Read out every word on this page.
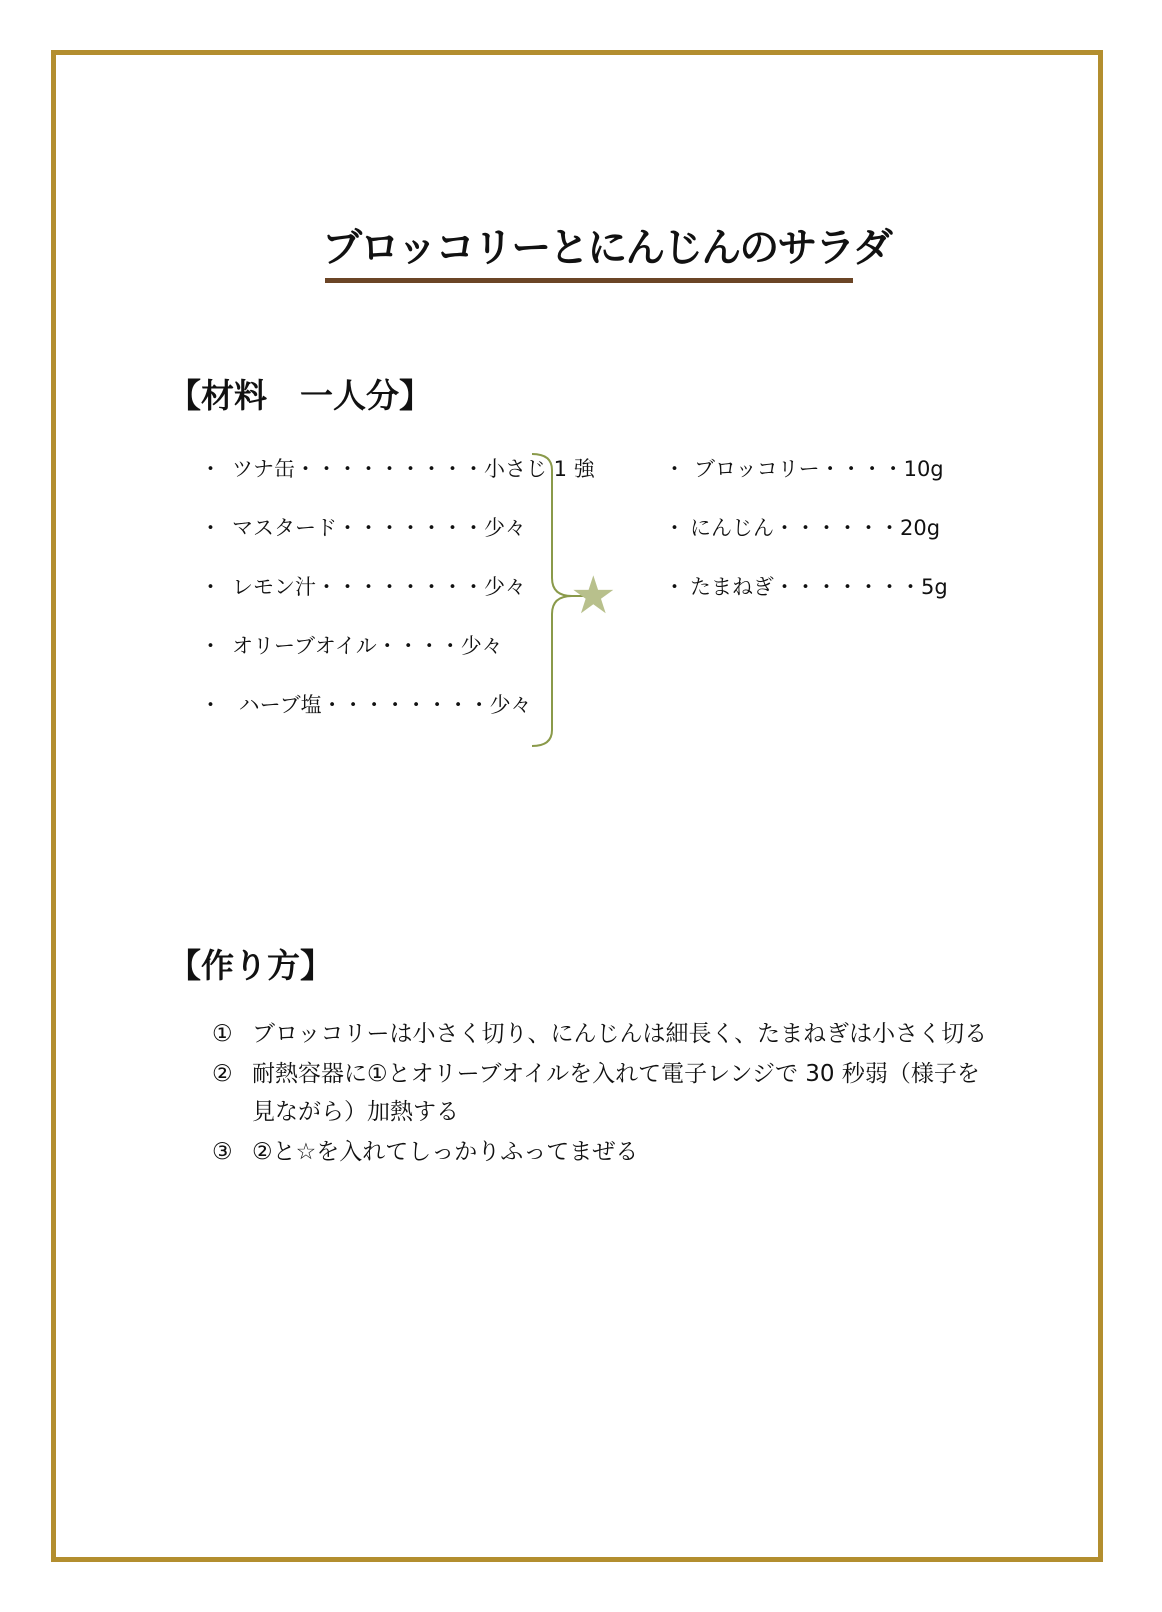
ブロッコリーとにんじんのサラダ
【材料　一人分】
・ ツナ缶・・・・・・・・・小さじ 1 強
・ マスタード・・・・・・・少々
・ レモン汁・・・・・・・・少々
・ オリーブオイル・・・・少々
・ ハーブ塩・・・・・・・・少々
★
・ ブロッコリー・・・・10g
・ にんじん・・・・・・20g
・ たまねぎ・・・・・・・5g
【作り方】
① ブロッコリーは小さく切り、にんじんは細長く、たまねぎは小さく切る
② 耐熱容器に①とオリーブオイルを入れて電子レンジで 30 秒弱（様子を
見ながら）加熱する
③ ②と☆を入れてしっかりふってまぜる
